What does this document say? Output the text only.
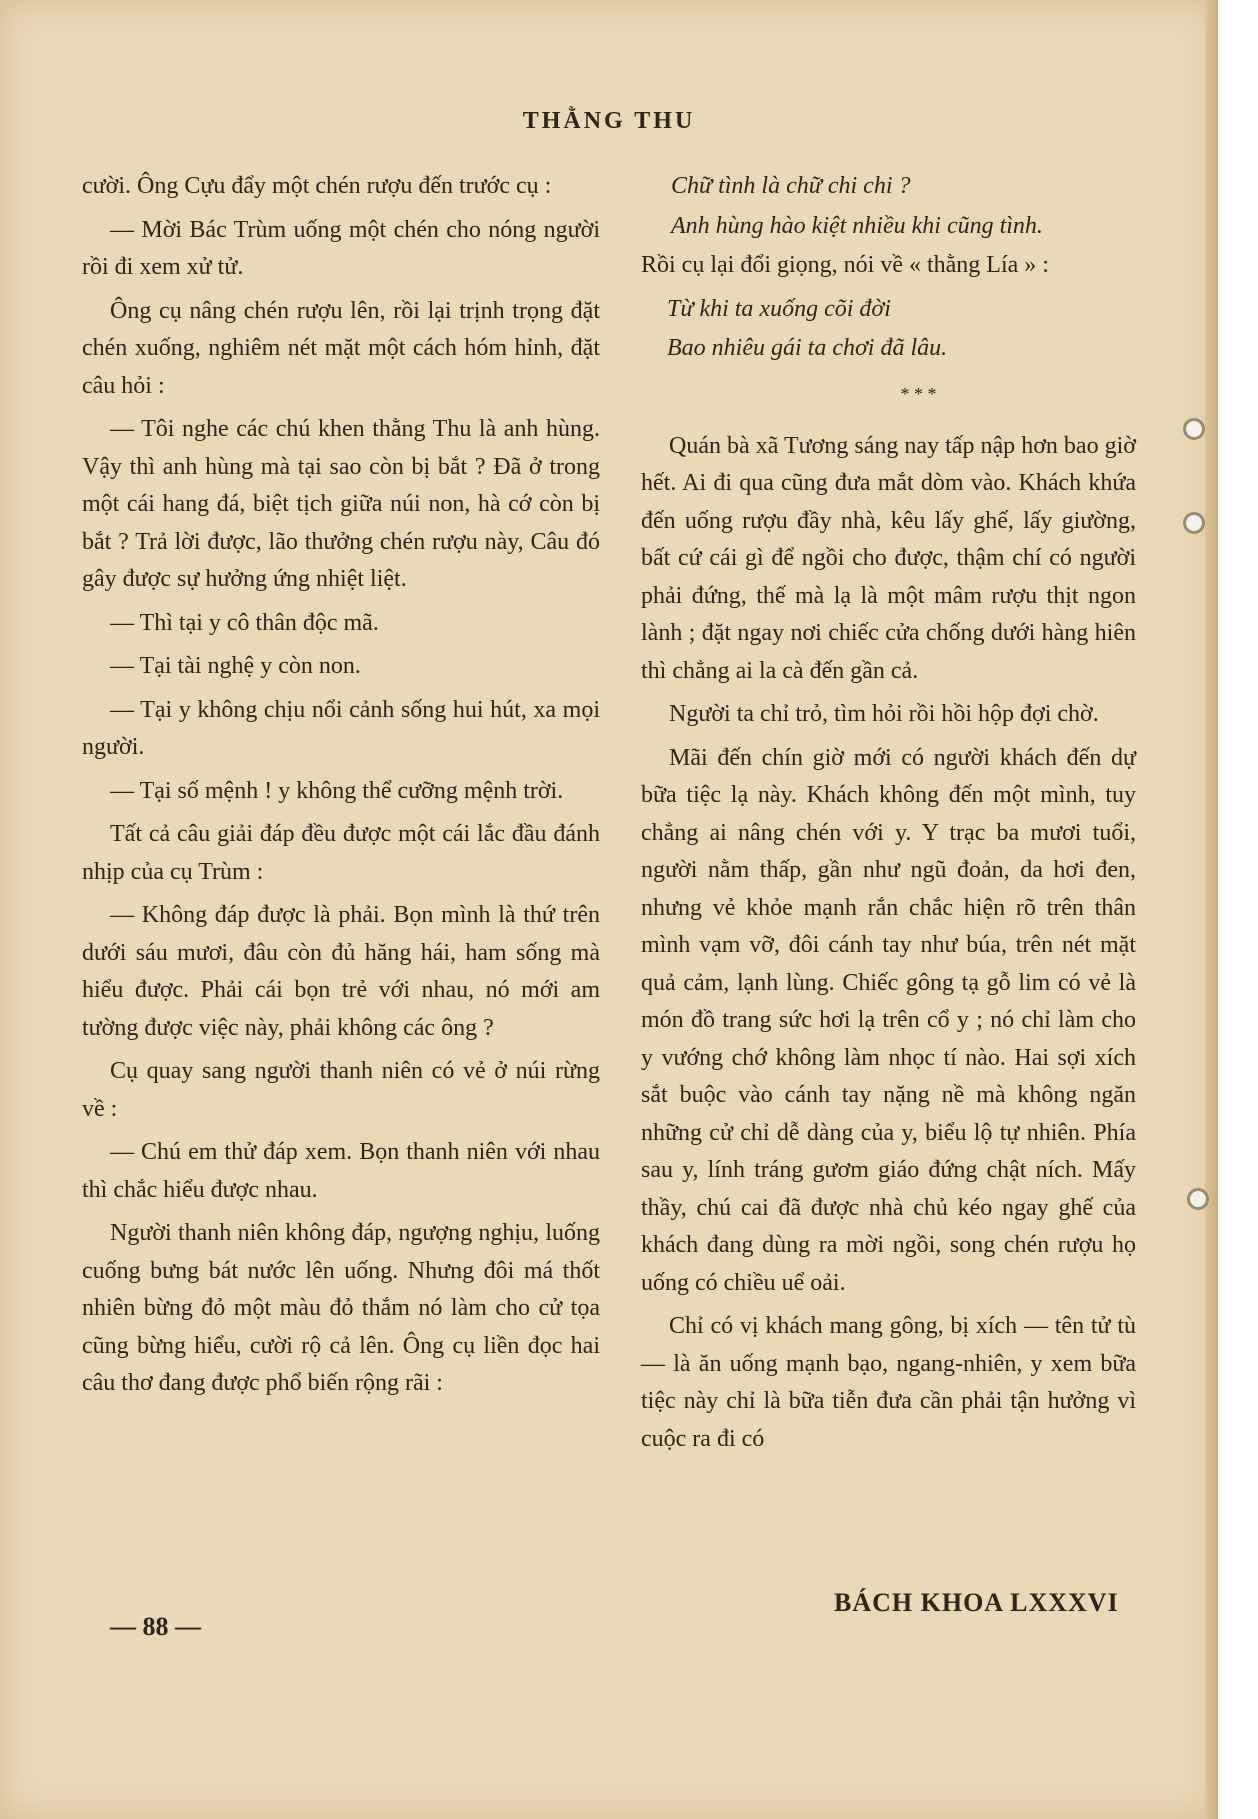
THẰNG THU

cười. Ông Cựu đẩy một chén rượu đến trước cụ :

— Mời Bác Trùm uống một chén cho nóng người rồi đi xem xử tử.

Ông cụ nâng chén rượu lên, rồi lại trịnh trọng đặt chén xuống, nghiêm nét mặt một cách hóm hỉnh, đặt câu hỏi :

— Tôi nghe các chú khen thằng Thu là anh hùng. Vậy thì anh hùng mà tại sao còn bị bắt ? Đã ở trong một cái hang đá, biệt tịch giữa núi non, hà cớ còn bị bắt ? Trả lời được, lão thưởng chén rượu này, Câu đó gây được sự hưởng ứng nhiệt liệt.

— Thì tại y cô thân độc mã.

— Tại tài nghệ y còn non.

— Tại y không chịu nổi cảnh sống hui hút, xa mọi người.

— Tại số mệnh ! y không thể cưỡng mệnh trời.

Tất cả câu giải đáp đều được một cái lắc đầu đánh nhịp của cụ Trùm :

— Không đáp được là phải. Bọn mình là thứ trên dưới sáu mươi, đâu còn đủ hăng hái, ham sống mà hiểu được. Phải cái bọn trẻ với nhau, nó mới am tường được việc này, phải không các ông ?

Cụ quay sang người thanh niên có vẻ ở núi rừng về :

— Chú em thử đáp xem. Bọn thanh niên với nhau thì chắc hiểu được nhau.

Người thanh niên không đáp, ngượng nghịu, luống cuống bưng bát nước lên uống. Nhưng đôi má thốt nhiên bừng đỏ một màu đỏ thắm nó làm cho cử tọa cũng bừng hiểu, cười rộ cả lên. Ông cụ liền đọc hai câu thơ đang được phổ biến rộng rãi :

Chữ tình là chữ chi chi ?
Anh hùng hào kiệt nhiều khi cũng tình.

Rồi cụ lại đổi giọng, nói về « thằng Lía » :

Từ khi ta xuống cõi đời
Bao nhiêu gái ta chơi đã lâu.
* * *

Quán bà xã Tương sáng nay tấp nập hơn bao giờ hết. Ai đi qua cũng đưa mắt dòm vào. Khách khứa đến uống rượu đầy nhà, kêu lấy ghế, lấy giường, bất cứ cái gì để ngồi cho được, thậm chí có người phải đứng, thế mà lạ là một mâm rượu thịt ngon lành ; đặt ngay nơi chiếc cửa chống dưới hàng hiên thì chẳng ai la cà đến gần cả.

Người ta chỉ trỏ, tìm hỏi rồi hồi hộp đợi chờ.

Mãi đến chín giờ mới có người khách đến dự bữa tiệc lạ này. Khách không đến một mình, tuy chẳng ai nâng chén với y. Y trạc ba mươi tuổi, người nằm thấp, gần như ngũ đoản, da hơi đen, nhưng vẻ khỏe mạnh rắn chắc hiện rõ trên thân mình vạm vỡ, đôi cánh tay như búa, trên nét mặt quả cảm, lạnh lùng. Chiếc gông tạ gỗ lim có vẻ là món đồ trang sức hơi lạ trên cổ y ; nó chỉ làm cho y vướng chớ không làm nhọc tí nào. Hai sợi xích sắt buộc vào cánh tay nặng nề mà không ngăn những cử chỉ dễ dàng của y, biểu lộ tự nhiên. Phía sau y, lính tráng gươm giáo đứng chật ních. Mấy thầy, chú cai đã được nhà chủ kéo ngay ghế của khách đang dùng ra mời ngồi, song chén rượu họ uống có chiều uể oải.

Chỉ có vị khách mang gông, bị xích — tên tử tù — là ăn uống mạnh bạo, ngang-nhiên, y xem bữa tiệc này chỉ là bữa tiễn đưa cần phải tận hưởng vì cuộc ra đi có

— 88 —
BÁCH KHOA LXXXVI
